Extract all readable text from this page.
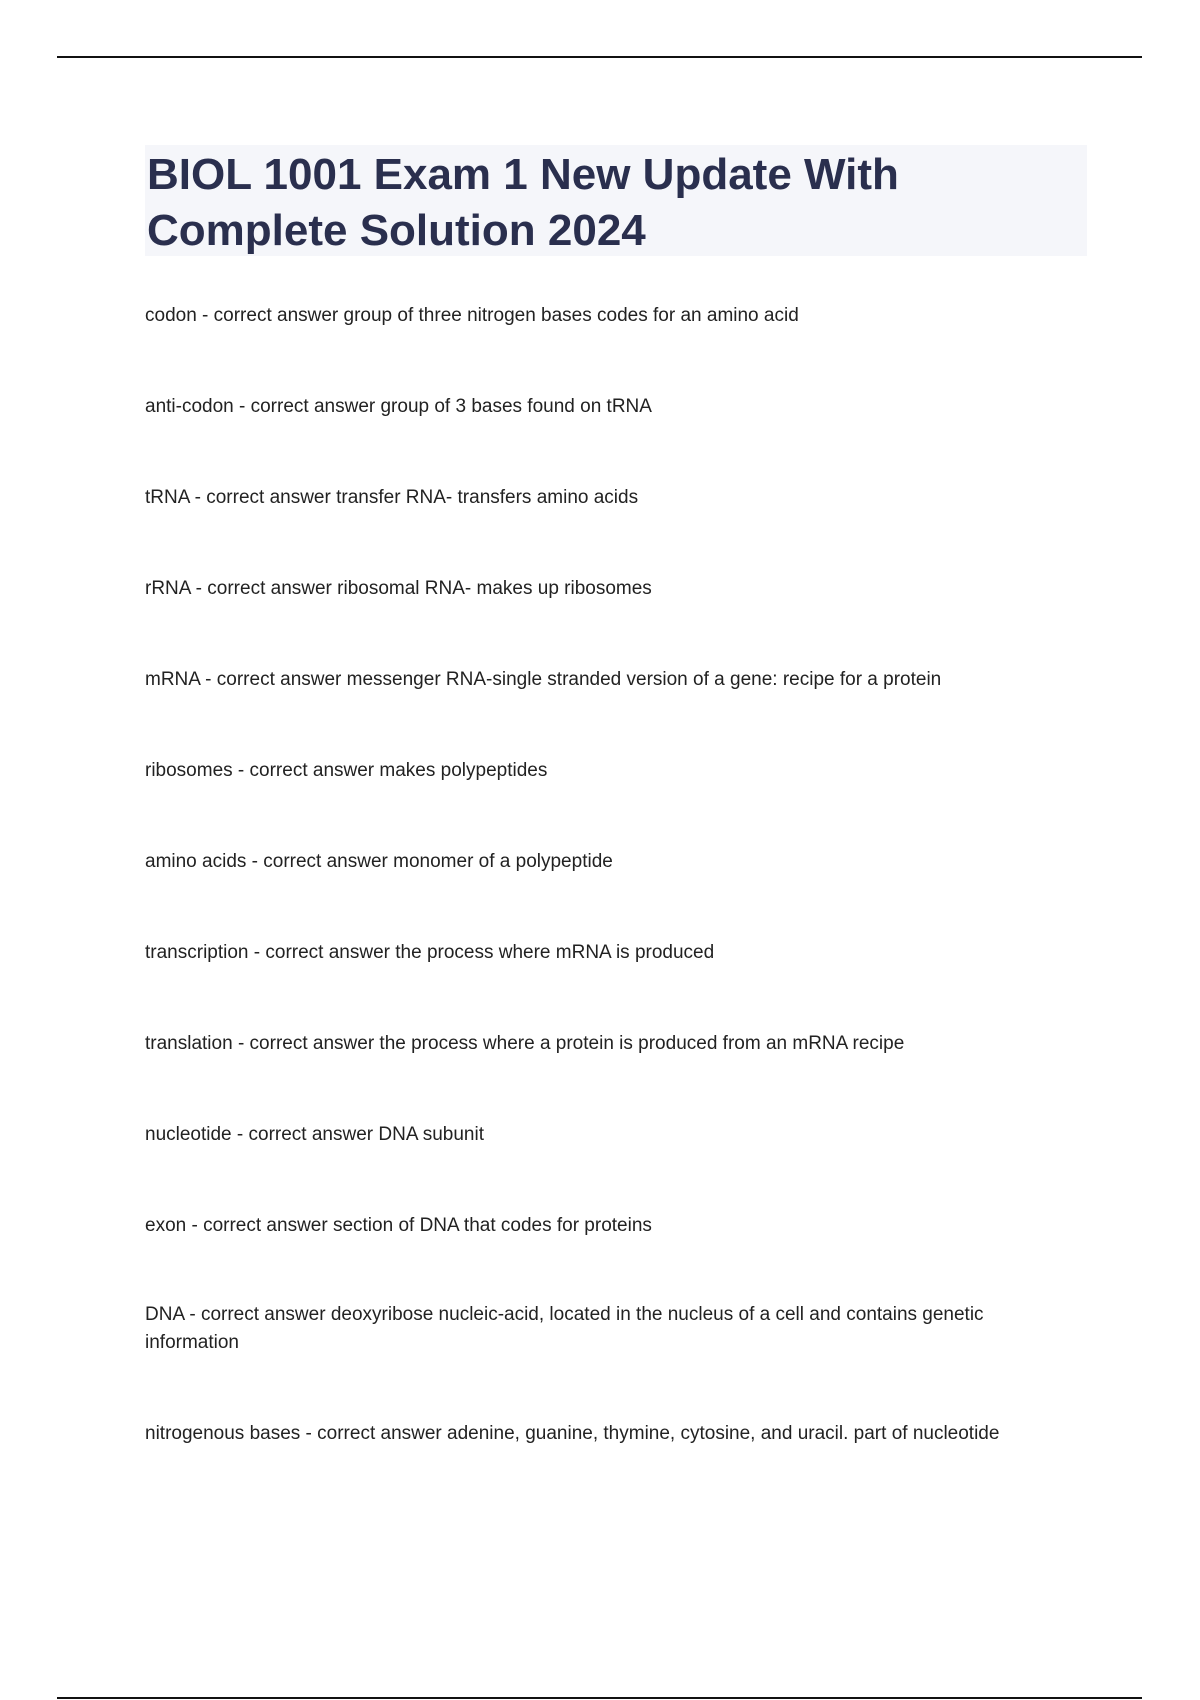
BIOL 1001 Exam 1 New Update With Complete Solution 2024
codon - correct answer group of three nitrogen bases codes for an amino acid
anti-codon - correct answer group of 3 bases found on tRNA
tRNA - correct answer transfer RNA- transfers amino acids
rRNA - correct answer ribosomal RNA- makes up ribosomes
mRNA - correct answer messenger RNA-single stranded version of a gene: recipe for a protein
ribosomes - correct answer makes polypeptides
amino acids - correct answer monomer of a polypeptide
transcription - correct answer the process where mRNA is produced
translation - correct answer the process where a protein is produced from an mRNA recipe
nucleotide - correct answer DNA subunit
exon - correct answer section of DNA that codes for proteins
DNA - correct answer deoxyribose nucleic-acid, located in the nucleus of a cell and contains genetic information
nitrogenous bases - correct answer adenine, guanine, thymine, cytosine, and uracil. part of nucleotide
